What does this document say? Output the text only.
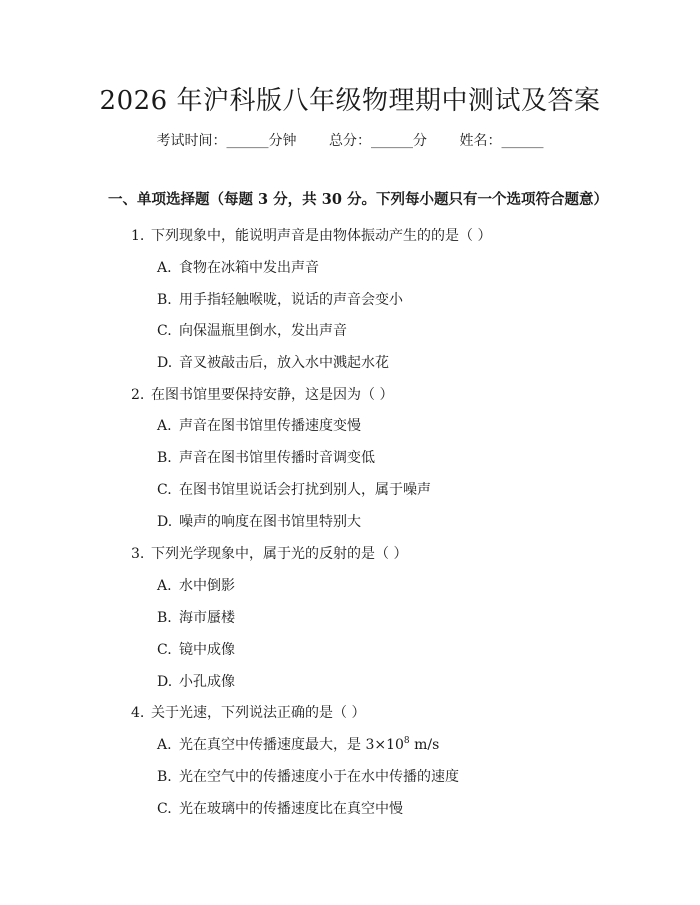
2026 年沪科版八年级物理期中测试及答案
考试时间：______分钟 总分：______分 姓名：______
一、单项选择题（每题 3 分，共 30 分。下列每小题只有一个选项符合题意）
1. 下列现象中，能说明声音是由物体振动产生的的是（ ）
A. 食物在冰箱中发出声音
B. 用手指轻触喉咙，说话的声音会变小
C. 向保温瓶里倒水，发出声音
D. 音叉被敲击后，放入水中溅起水花
2. 在图书馆里要保持安静，这是因为（ ）
A. 声音在图书馆里传播速度变慢
B. 声音在图书馆里传播时音调变低
C. 在图书馆里说话会打扰到别人，属于噪声
D. 噪声的响度在图书馆里特别大
3. 下列光学现象中，属于光的反射的是（ ）
A. 水中倒影
B. 海市蜃楼
C. 镜中成像
D. 小孔成像
4. 关于光速，下列说法正确的是（ ）
A. 光在真空中传播速度最大，是 $3\times 10^8$ m/s
B. 光在空气中的传播速度小于在水中传播的速度
C. 光在玻璃中的传播速度比在真空中慢
